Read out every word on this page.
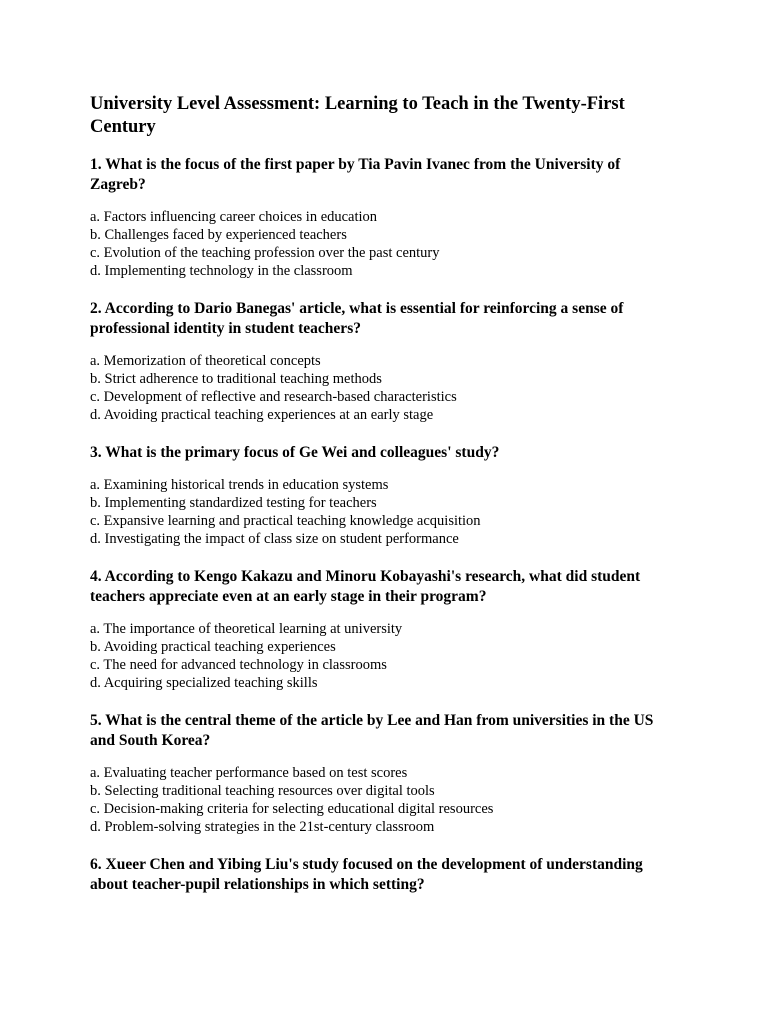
University Level Assessment: Learning to Teach in the Twenty-First Century
1. What is the focus of the first paper by Tia Pavin Ivanec from the University of Zagreb?
a. Factors influencing career choices in education
b. Challenges faced by experienced teachers
c. Evolution of the teaching profession over the past century
d. Implementing technology in the classroom
2. According to Dario Banegas' article, what is essential for reinforcing a sense of professional identity in student teachers?
a. Memorization of theoretical concepts
b. Strict adherence to traditional teaching methods
c. Development of reflective and research-based characteristics
d. Avoiding practical teaching experiences at an early stage
3. What is the primary focus of Ge Wei and colleagues' study?
a. Examining historical trends in education systems
b. Implementing standardized testing for teachers
c. Expansive learning and practical teaching knowledge acquisition
d. Investigating the impact of class size on student performance
4. According to Kengo Kakazu and Minoru Kobayashi's research, what did student teachers appreciate even at an early stage in their program?
a. The importance of theoretical learning at university
b. Avoiding practical teaching experiences
c. The need for advanced technology in classrooms
d. Acquiring specialized teaching skills
5. What is the central theme of the article by Lee and Han from universities in the US and South Korea?
a. Evaluating teacher performance based on test scores
b. Selecting traditional teaching resources over digital tools
c. Decision-making criteria for selecting educational digital resources
d. Problem-solving strategies in the 21st-century classroom
6. Xueer Chen and Yibing Liu's study focused on the development of understanding about teacher-pupil relationships in which setting?
